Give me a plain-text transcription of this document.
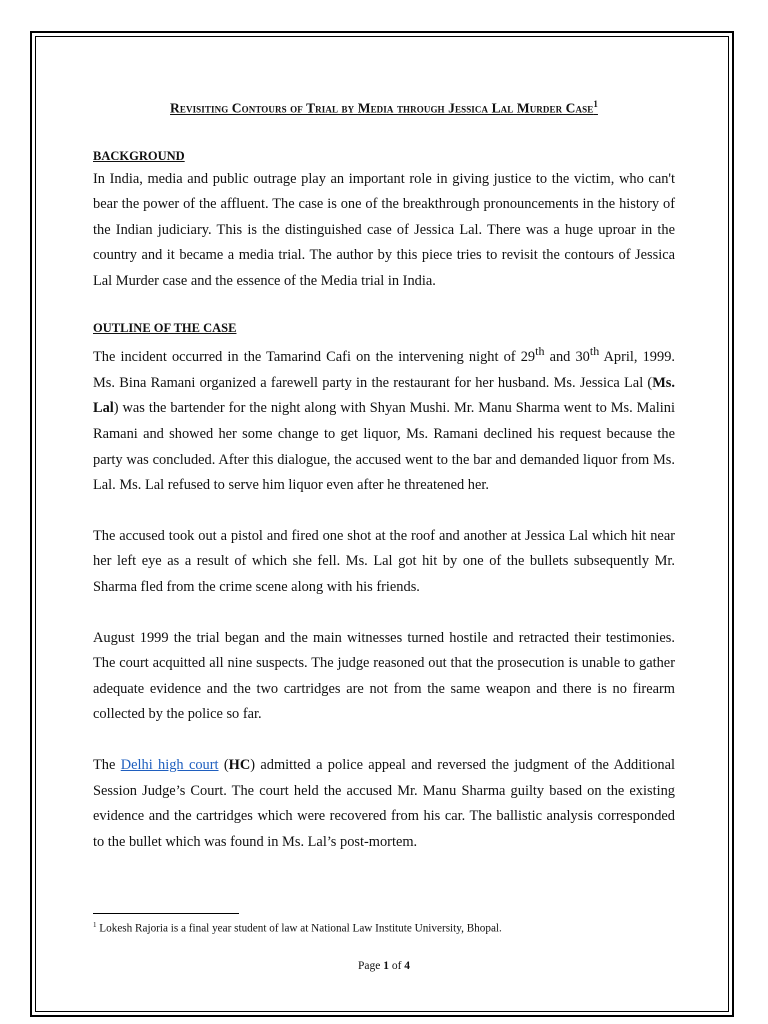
Revisiting Contours of Trial by Media through Jessica Lal Murder Case$^1$
BACKGROUND

In India, media and public outrage play an important role in giving justice to the victim, who can't bear the power of the affluent. The case is one of the breakthrough pronouncements in the history of the Indian judiciary. This is the distinguished case of Jessica Lal. There was a huge uproar in the country and it became a media trial. The author by this piece tries to revisit the contours of Jessica Lal Murder case and the essence of the Media trial in India.

OUTLINE OF THE CASE

The incident occurred in the Tamarind Cafi on the intervening night of 29th and 30th April, 1999. Ms. Bina Ramani organized a farewell party in the restaurant for her husband. Ms. Jessica Lal (Ms. Lal) was the bartender for the night along with Shyan Mushi. Mr. Manu Sharma went to Ms. Malini Ramani and showed her some change to get liquor, Ms. Ramani declined his request because the party was concluded. After this dialogue, the accused went to the bar and demanded liquor from Ms. Lal. Ms. Lal refused to serve him liquor even after he threatened her.

The accused took out a pistol and fired one shot at the roof and another at Jessica Lal which hit near her left eye as a result of which she fell. Ms. Lal got hit by one of the bullets subsequently Mr. Sharma fled from the crime scene along with his friends.

August 1999 the trial began and the main witnesses turned hostile and retracted their testimonies. The court acquitted all nine suspects. The judge reasoned out that the prosecution is unable to gather adequate evidence and the two cartridges are not from the same weapon and there is no firearm collected by the police so far.

The Delhi high court (HC) admitted a police appeal and reversed the judgment of the Additional Session Judge’s Court. The court held the accused Mr. Manu Sharma guilty based on the existing evidence and the cartridges which were recovered from his car. The ballistic analysis corresponded to the bullet which was found in Ms. Lal’s post-mortem.

$^1$ Lokesh Rajoria is a final year student of law at National Law Institute University, Bhopal.
Page 1 of 4
